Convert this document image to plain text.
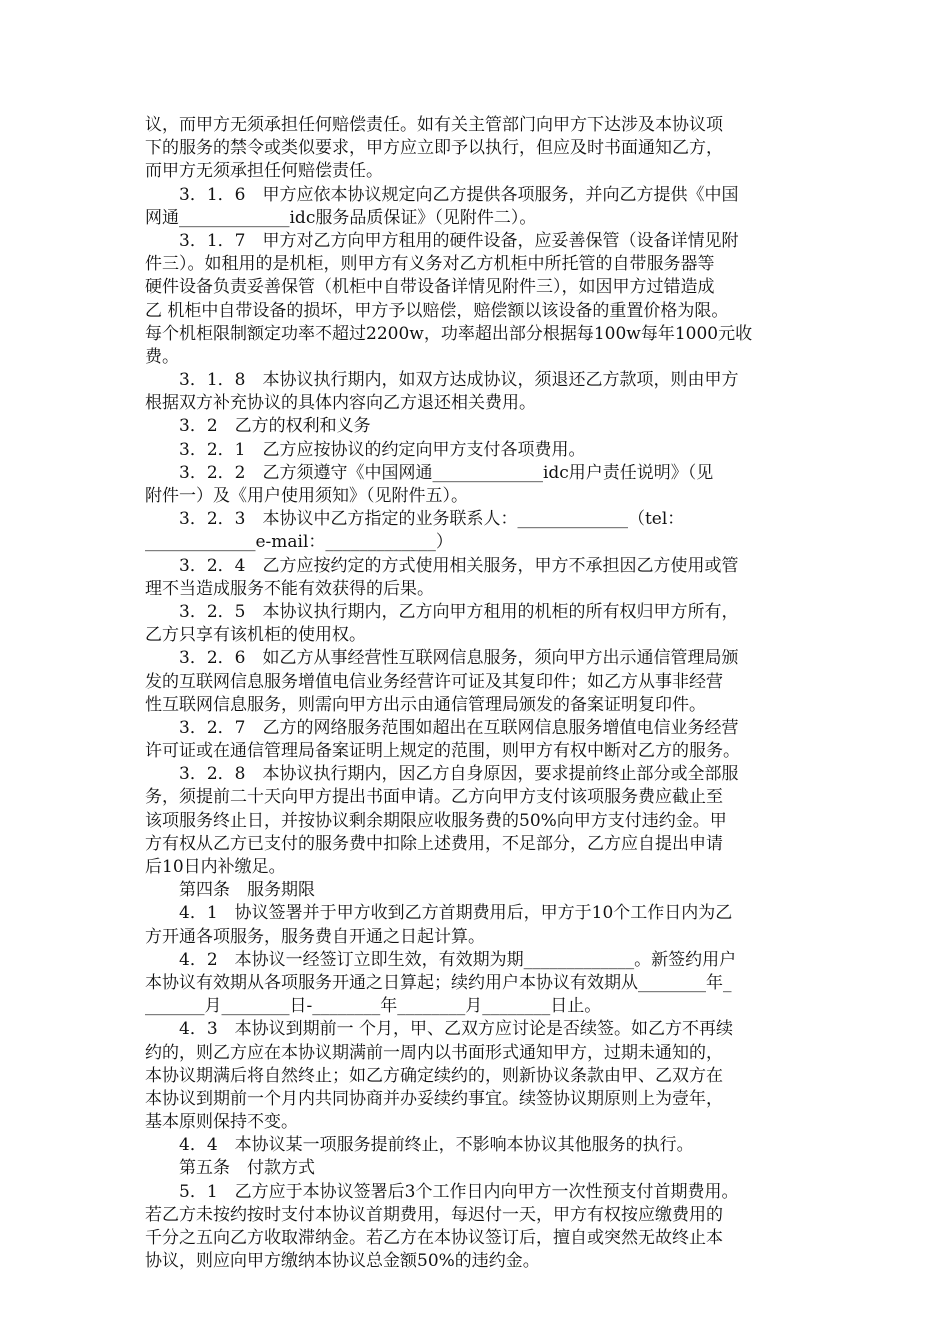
议，而甲方无须承担任何赔偿责任。如有关主管部门向甲方下达涉及本协议项
下的服务的禁令或类似要求，甲方应立即予以执行，但应及时书面通知乙方，
而甲方无须承担任何赔偿责任。
　　3．1．6　甲方应依本协议规定向乙方提供各项服务，并向乙方提供《中国
网通_____________idc服务品质保证》（见附件二）。
　　3．1．7　甲方对乙方向甲方租用的硬件设备，应妥善保管（设备详情见附
件三）。如租用的是机柜，则甲方有义务对乙方机柜中所托管的自带服务器等
硬件设备负责妥善保管（机柜中自带设备详情见附件三），如因甲方过错造成
乙 机柜中自带设备的损坏，甲方予以赔偿，赔偿额以该设备的重置价格为限。
每个机柜限制额定功率不超过2200w，功率超出部分根据每100w每年1000元收
费。
　　3．1．8　本协议执行期内，如双方达成协议，须退还乙方款项，则由甲方
根据双方补充协议的具体内容向乙方退还相关费用。
　　3．2　乙方的权利和义务
　　3．2．1　乙方应按协议的约定向甲方支付各项费用。
　　3．2．2　乙方须遵守《中国网通_____________idc用户责任说明》（见
附件一）及《用户使用须知》（见附件五）。
　　3．2．3　本协议中乙方指定的业务联系人：_____________（tel：
_____________e-mail：_____________）
　　3．2．4　乙方应按约定的方式使用相关服务，甲方不承担因乙方使用或管
理不当造成服务不能有效获得的后果。
　　3．2．5　本协议执行期内，乙方向甲方租用的机柜的所有权归甲方所有，
乙方只享有该机柜的使用权。
　　3．2．6　如乙方从事经营性互联网信息服务，须向甲方出示通信管理局颁
发的互联网信息服务增值电信业务经营许可证及其复印件；如乙方从事非经营
性互联网信息服务，则需向甲方出示由通信管理局颁发的备案证明复印件。
　　3．2．7　乙方的网络服务范围如超出在互联网信息服务增值电信业务经营
许可证或在通信管理局备案证明上规定的范围，则甲方有权中断对乙方的服务。
　　3．2．8　本协议执行期内，因乙方自身原因，要求提前终止部分或全部服
务，须提前二十天向甲方提出书面申请。乙方向甲方支付该项服务费应截止至
该项服务终止日，并按协议剩余期限应收服务费的50%向甲方支付违约金。甲
方有权从乙方已支付的服务费中扣除上述费用，不足部分，乙方应自提出申请
后10日内补缴足。
　　第四条　服务期限
　　4．1　协议签署并于甲方收到乙方首期费用后，甲方于10个工作日内为乙
方开通各项服务，服务费自开通之日起计算。
　　4．2　本协议一经签订立即生效，有效期为期_____________。新签约用户
本协议有效期从各项服务开通之日算起；续约用户本协议有效期从________年_
_______月________日-________年________月________日止。
　　4．3　本协议到期前一 个月，甲、乙双方应讨论是否续签。如乙方不再续
约的，则乙方应在本协议期满前一周内以书面形式通知甲方，过期未通知的，
本协议期满后将自然终止；如乙方确定续约的，则新协议条款由甲、乙双方在
本协议到期前一个月内共同协商并办妥续约事宜。续签协议期原则上为壹年，
基本原则保持不变。
　　4．4　本协议某一项服务提前终止，不影响本协议其他服务的执行。
　　第五条　付款方式
　　5．1　乙方应于本协议签署后3个工作日内向甲方一次性预支付首期费用。
若乙方未按约按时支付本协议首期费用，每迟付一天，甲方有权按应缴费用的
千分之五向乙方收取滞纳金。若乙方在本协议签订后，擅自或突然无故终止本
协议，则应向甲方缴纳本协议总金额50%的违约金。
